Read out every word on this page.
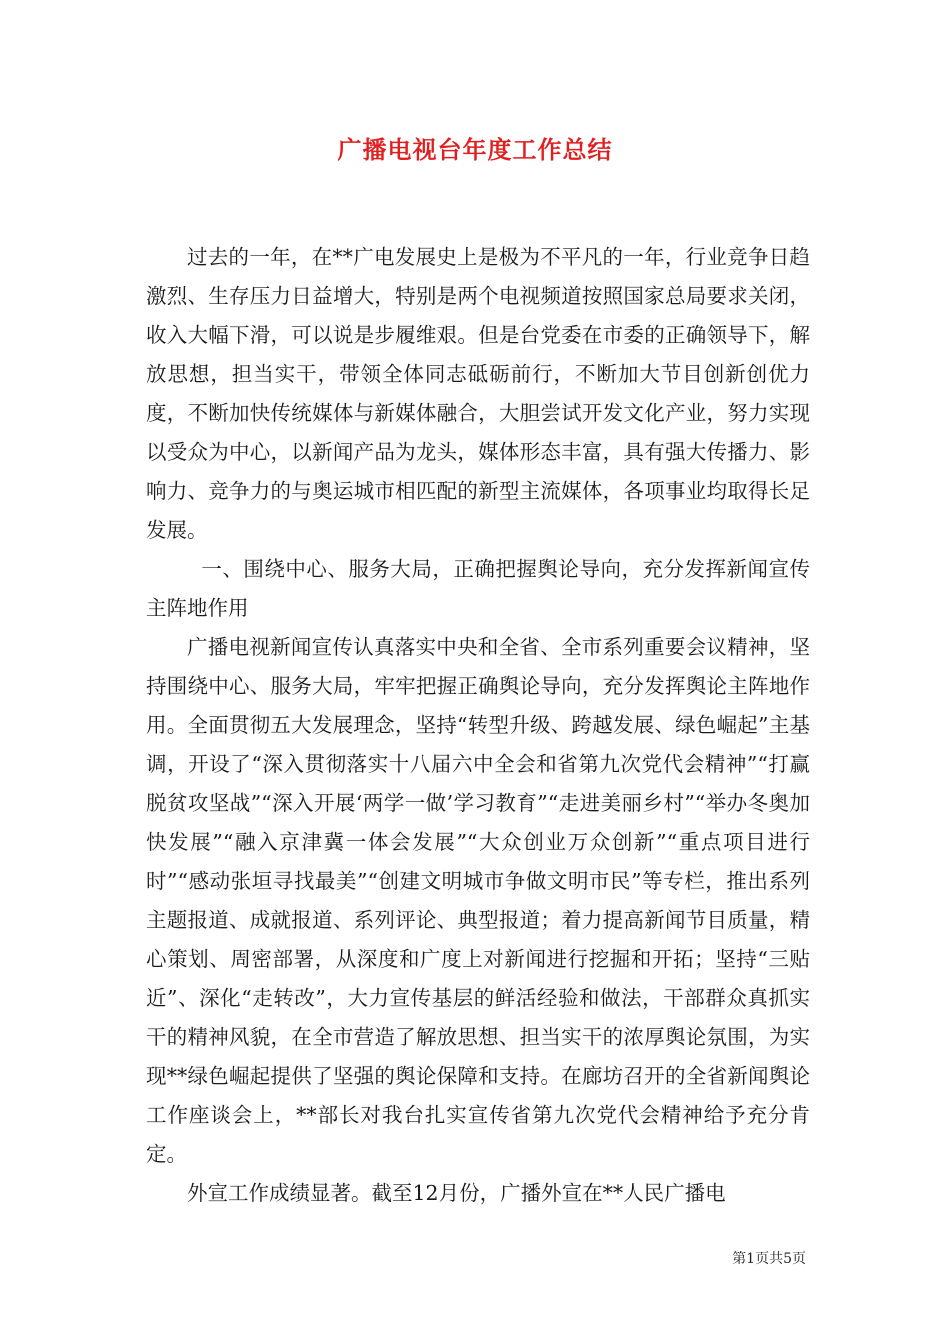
广播电视台年度工作总结

过去的一年，在**广电发展史上是极为不平凡的一年，行业竞争日趋激烈、生存压力日益增大，特别是两个电视频道按照国家总局要求关闭，收入大幅下滑，可以说是步履维艰。但是台党委在市委的正确领导下，解放思想，担当实干，带领全体同志砥砺前行，不断加大节目创新创优力度，不断加快传统媒体与新媒体融合，大胆尝试开发文化产业，努力实现以受众为中心，以新闻产品为龙头，媒体形态丰富，具有强大传播力、影响力、竞争力的与奥运城市相匹配的新型主流媒体，各项事业均取得长足发展。

一、围绕中心、服务大局，正确把握舆论导向，充分发挥新闻宣传主阵地作用

广播电视新闻宣传认真落实中央和全省、全市系列重要会议精神，坚持围绕中心、服务大局，牢牢把握正确舆论导向，充分发挥舆论主阵地作用。全面贯彻五大发展理念，坚持“转型升级、跨越发展、绿色崛起”主基调，开设了“深入贯彻落实十八届六中全会和省第九次党代会精神”“打赢脱贫攻坚战”“深入开展‘两学一做’学习教育”“走进美丽乡村”“举办冬奥加快发展”“融入京津冀一体会发展”“大众创业万众创新”“重点项目进行时”“感动张垣寻找最美”“创建文明城市争做文明市民”等专栏，推出系列主题报道、成就报道、系列评论、典型报道；着力提高新闻节目质量，精心策划、周密部署，从深度和广度上对新闻进行挖掘和开拓；坚持“三贴近”、深化“走转改”，大力宣传基层的鲜活经验和做法，干部群众真抓实干的精神风貌，在全市营造了解放思想、担当实干的浓厚舆论氛围，为实现**绿色崛起提供了坚强的舆论保障和支持。在廊坊召开的全省新闻舆论工作座谈会上，**部长对我台扎实宣传省第九次党代会精神给予充分肯定。

外宣工作成绩显著。截至12月份，广播外宣在**人民广播电

第1页共5页
